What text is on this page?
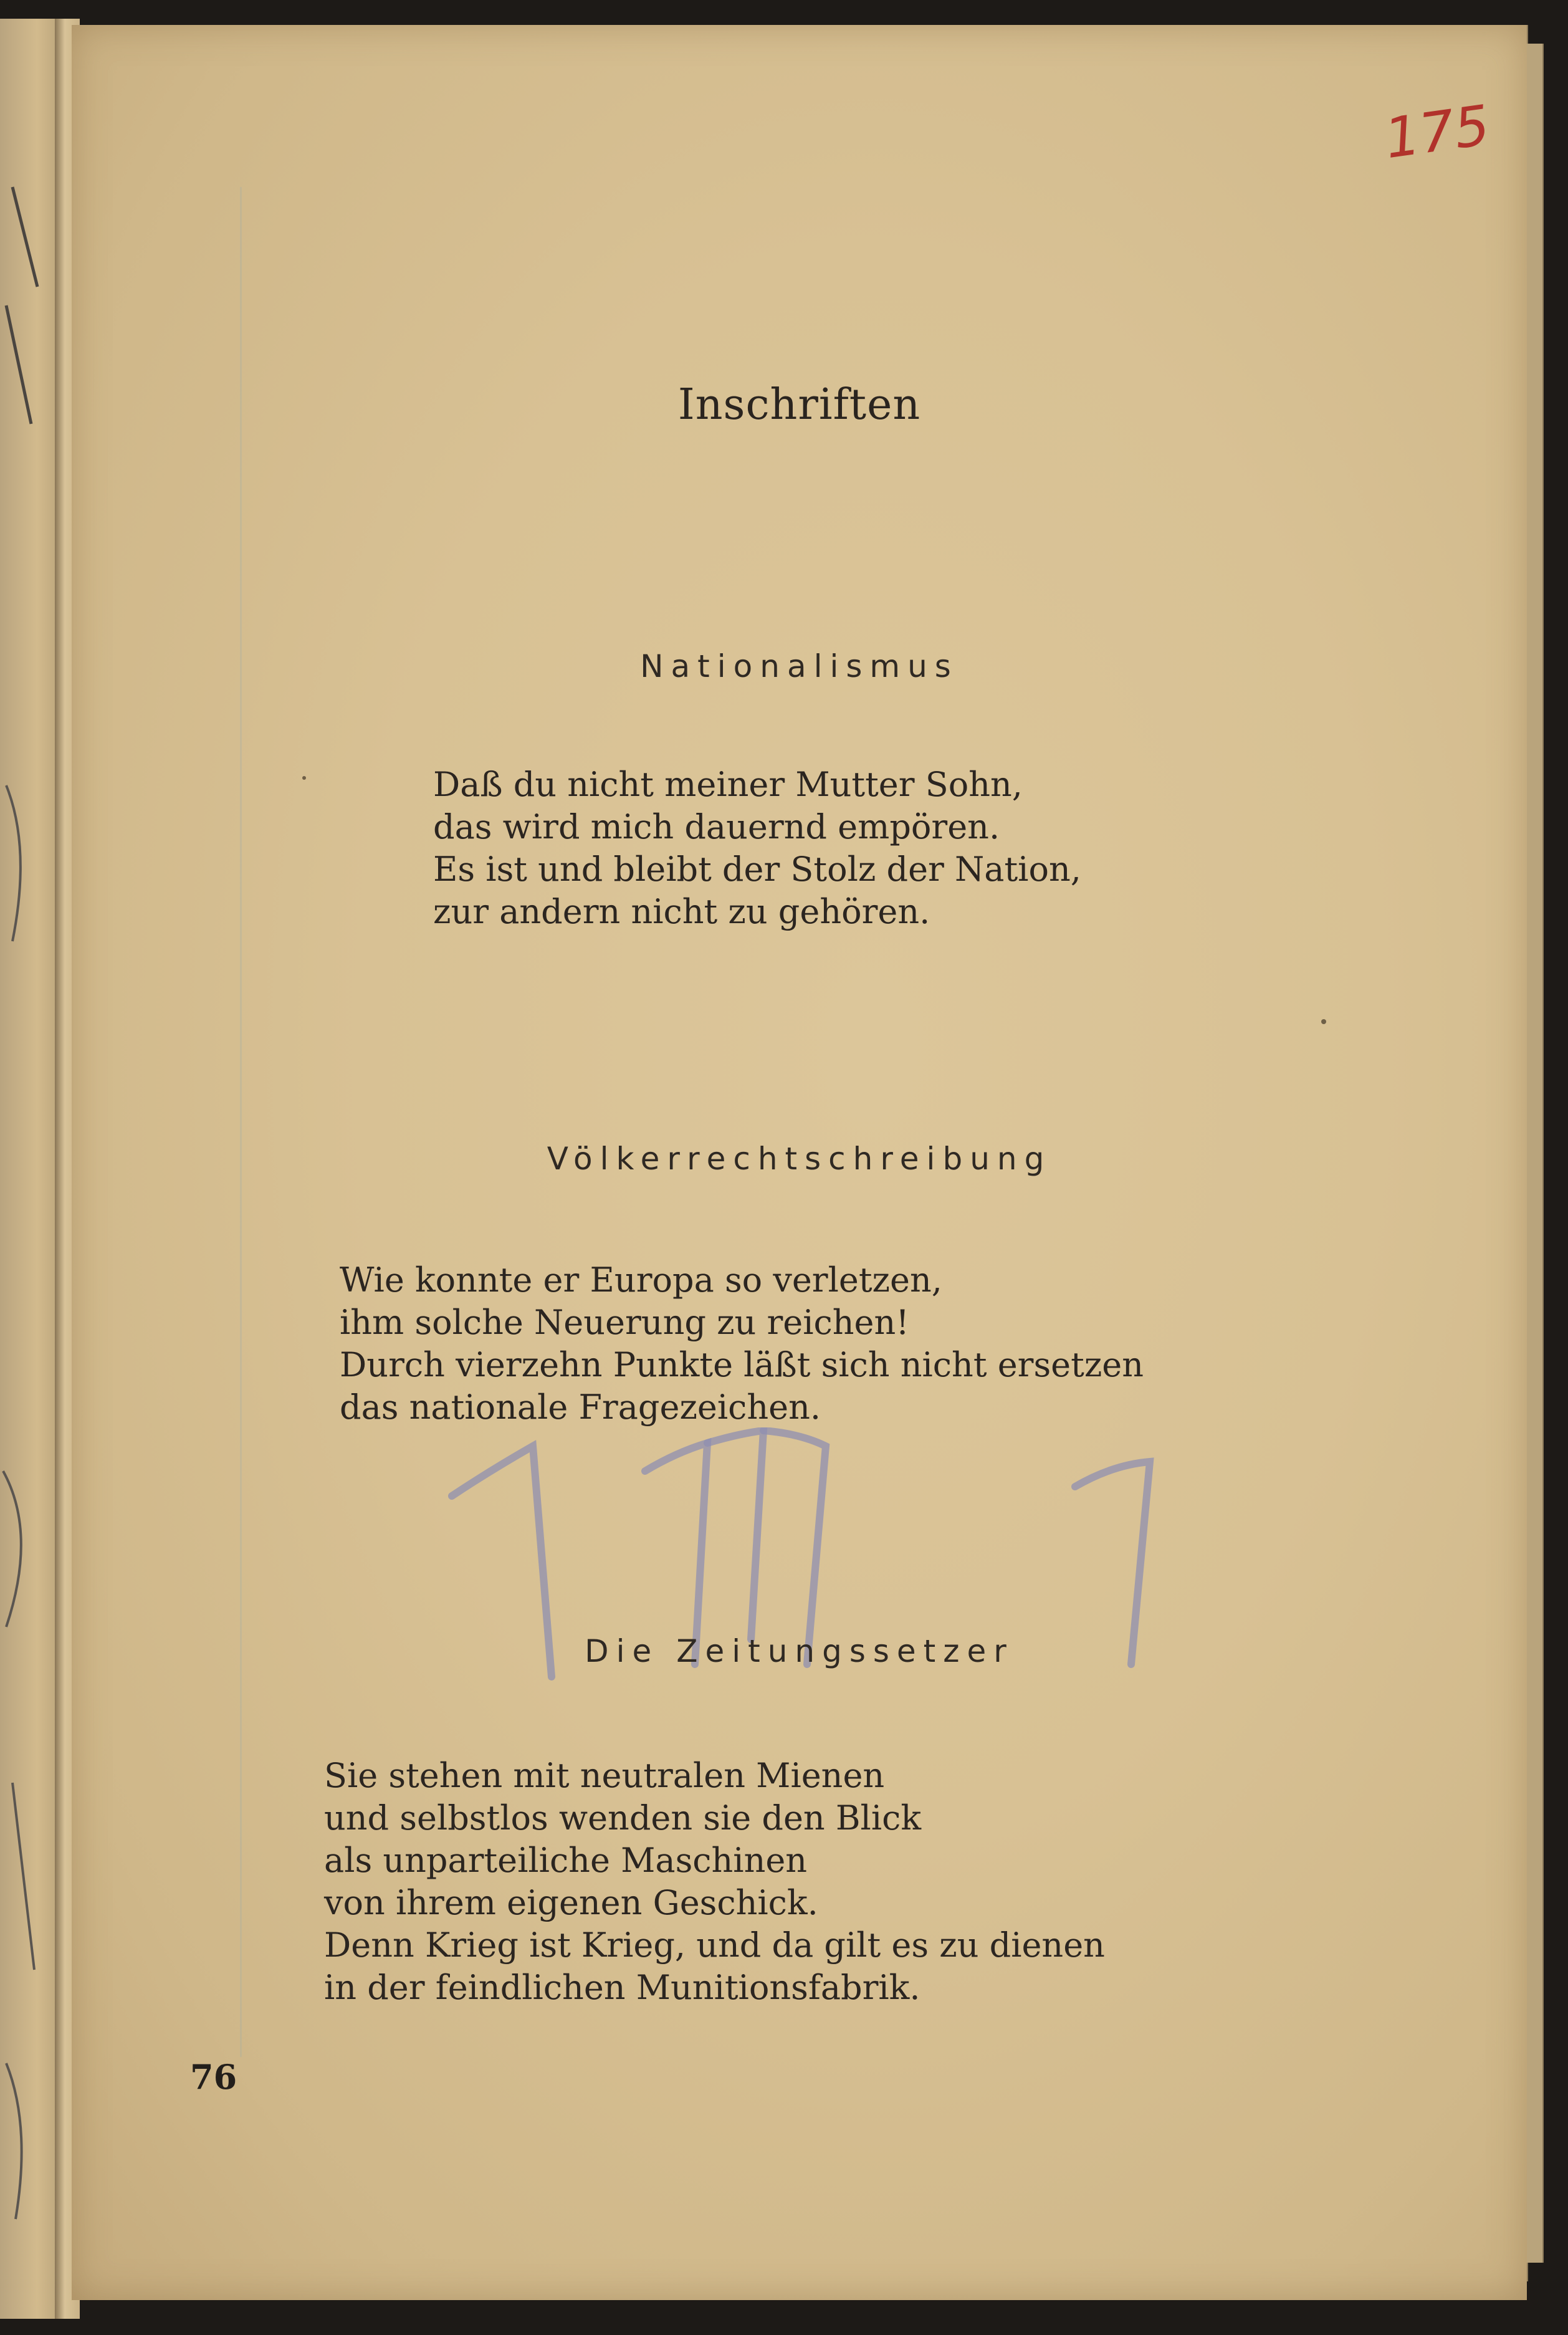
175
Inschriften
Nationalismus
Daß du nicht meiner Mutter Sohn,
das wird mich dauernd empören.
Es ist und bleibt der Stolz der Nation,
zur andern nicht zu gehören.
Völkerrechtschreibung
Wie konnte er Europa so verletzen,
ihm solche Neuerung zu reichen!
Durch vierzehn Punkte läßt sich nicht ersetzen
das nationale Fragezeichen.
Die Zeitungssetzer
Sie stehen mit neutralen Mienen
und selbstlos wenden sie den Blick
als unparteiliche Maschinen
von ihrem eigenen Geschick.
Denn Krieg ist Krieg, und da gilt es zu dienen
in der feindlichen Munitionsfabrik.
76
